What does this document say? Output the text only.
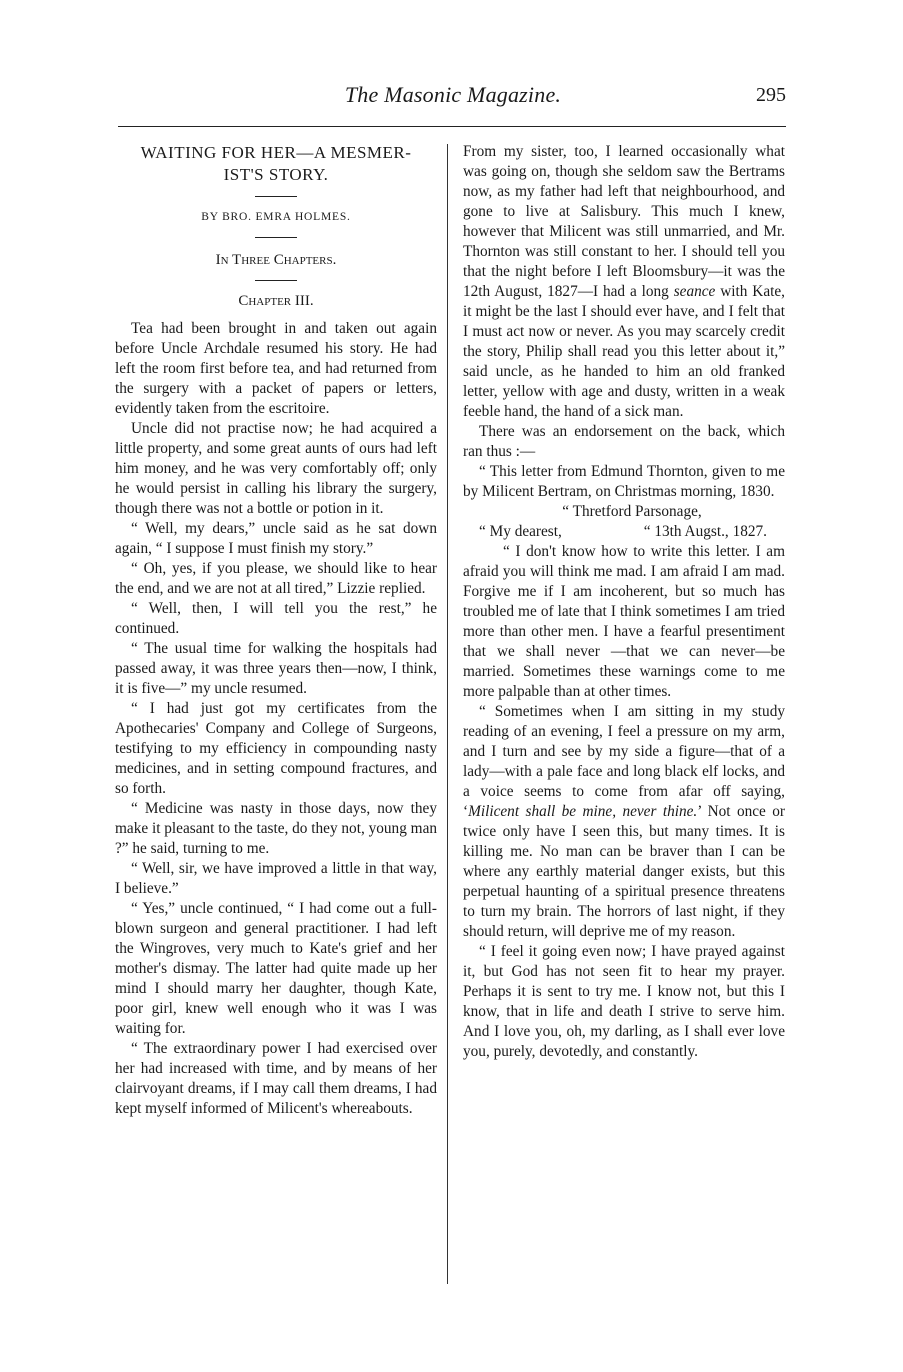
The Masonic Magazine.	295

WAITING FOR HER—A MESMER-
IST'S STORY.

BY BRO. EMRA HOLMES.

In Three Chapters.

Chapter III.

Tea had been brought in and taken out again before Uncle Archdale resumed his story. He had left the room first before tea, and had returned from the surgery with a packet of papers or letters, evidently taken from the escritoire.

Uncle did not practise now; he had acquired a little property, and some great aunts of ours had left him money, and he was very comfortably off; only he would persist in calling his library the surgery, though there was not a bottle or potion in it.

“ Well, my dears,” uncle said as he sat down again, “ I suppose I must finish my story.”

“ Oh, yes, if you please, we should like to hear the end, and we are not at all tired,” Lizzie replied.

“ Well, then, I will tell you the rest,” he continued.

“ The usual time for walking the hospitals had passed away, it was three years then—now, I think, it is five—” my uncle resumed.

“ I had just got my certificates from the Apothecaries' Company and College of Surgeons, testifying to my efficiency in compounding nasty medicines, and in setting compound fractures, and so forth.

“ Medicine was nasty in those days, now they make it pleasant to the taste, do they not, young man ?” he said, turning to me.

“ Well, sir, we have improved a little in that way, I believe.”

“ Yes,” uncle continued, “ I had come out a full-blown surgeon and general practitioner. I had left the Wingroves, very much to Kate's grief and her mother's dismay. The latter had quite made up her mind I should marry her daughter, though Kate, poor girl, knew well enough who it was I was waiting for.

“ The extraordinary power I had exercised over her had increased with time, and by means of her clairvoyant dreams, if I may call them dreams, I had kept myself informed of Milicent's whereabouts.

From my sister, too, I learned occasionally what was going on, though she seldom saw the Bertrams now, as my father had left that neighbourhood, and gone to live at Salisbury. This much I knew, however that Milicent was still unmarried, and Mr. Thornton was still constant to her. I should tell you that the night before I left Bloomsbury—it was the 12th August, 1827—I had a long seance with Kate, it might be the last I should ever have, and I felt that I must act now or never. As you may scarcely credit the story, Philip shall read you this letter about it,” said uncle, as he handed to him an old franked letter, yellow with age and dusty, written in a weak feeble hand, the hand of a sick man.

There was an endorsement on the back, which ran thus :—

“ This letter from Edmund Thornton, given to me by Milicent Bertram, on Christmas morning, 1830.

“ Thretford Parsonage,

“ My dearest,	“ 13th Augst., 1827.

“ I don't know how to write this letter. I am afraid you will think me mad. I am afraid I am mad. Forgive me if I am incoherent, but so much has troubled me of late that I think sometimes I am tried more than other men. I have a fearful presentiment that we shall never —that we can never—be married. Sometimes these warnings come to me more palpable than at other times.

“ Sometimes when I am sitting in my study reading of an evening, I feel a pressure on my arm, and I turn and see by my side a figure—that of a lady—with a pale face and long black elf locks, and a voice seems to come from afar off saying, ‘Milicent shall be mine, never thine.’ Not once or twice only have I seen this, but many times. It is killing me. No man can be braver than I can be where any earthly material danger exists, but this perpetual haunting of a spiritual presence threatens to turn my brain. The horrors of last night, if they should return, will deprive me of my reason.

“ I feel it going even now; I have prayed against it, but God has not seen fit to hear my prayer. Perhaps it is sent to try me. I know not, but this I know, that in life and death I strive to serve him. And I love you, oh, my darling, as I shall ever love you, purely, devotedly, and constantly.
